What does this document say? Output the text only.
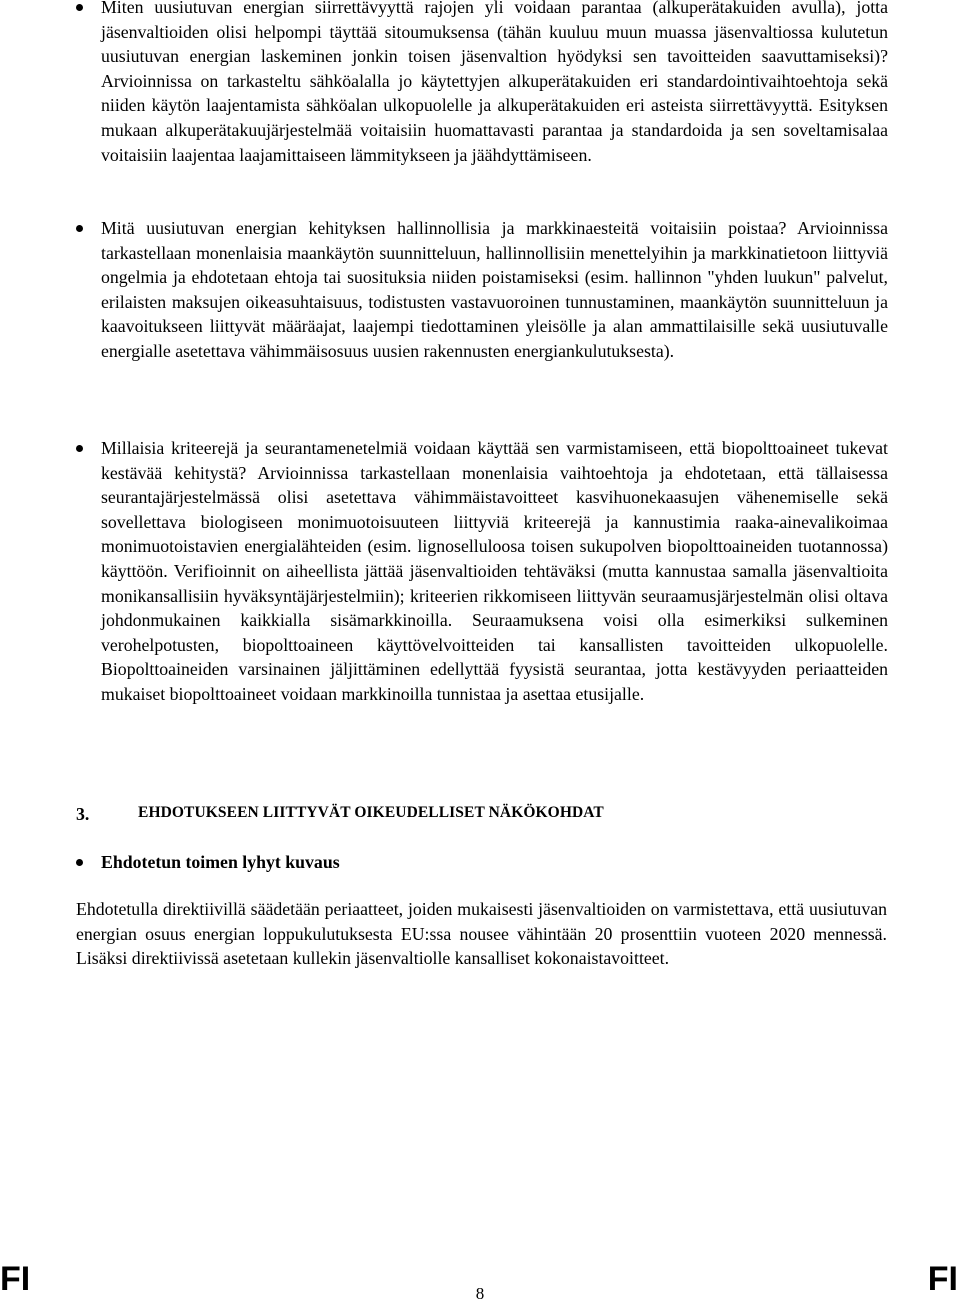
Miten uusiutuvan energian siirrettävyyttä rajojen yli voidaan parantaa (alkuperätakuiden avulla), jotta jäsenvaltioiden olisi helpompi täyttää sitoumuksensa (tähän kuuluu muun muassa jäsenvaltiossa kulutetun uusiutuvan energian laskeminen jonkin toisen jäsenvaltion hyödyksi sen tavoitteiden saavuttamiseksi)? Arvioinnissa on tarkasteltu sähköalalla jo käytettyjen alkuperätakuiden eri standardointivaihtoehtoja sekä niiden käytön laajentamista sähköalan ulkopuolelle ja alkuperätakuiden eri asteista siirrettävyyttä. Esityksen mukaan alkuperätakuujärjestelmää voitaisiin huomattavasti parantaa ja standardoida ja sen soveltamisalaa voitaisiin laajentaa laajamittaiseen lämmitykseen ja jäähdyttämiseen.
Mitä uusiutuvan energian kehityksen hallinnollisia ja markkinaesteitä voitaisiin poistaa? Arvioinnissa tarkastellaan monenlaisia maankäytön suunnitteluun, hallinnollisiin menettelyihin ja markkinatietoon liittyviä ongelmia ja ehdotetaan ehtoja tai suosituksia niiden poistamiseksi (esim. hallinnon "yhden luukun" palvelut, erilaisten maksujen oikeasuhtaisuus, todistusten vastavuoroinen tunnustaminen, maankäytön suunnitteluun ja kaavoitukseen liittyvät määräajat, laajempi tiedottaminen yleisölle ja alan ammattilaisille sekä uusiutuvalle energialle asetettava vähimmäisosuus uusien rakennusten energiankulutuksesta).
Millaisia kriteerejä ja seurantamenetelmiä voidaan käyttää sen varmistamiseen, että biopolttoaineet tukevat kestävää kehitystä? Arvioinnissa tarkastellaan monenlaisia vaihtoehtoja ja ehdotetaan, että tällaisessa seurantajärjestelmässä olisi asetettava vähimmäistavoitteet kasvihuonekaasujen vähenemiselle sekä sovellettava biologiseen monimuotoisuuteen liittyviä kriteerejä ja kannustimia raaka-ainevalikoimaa monimuotoistavien energialähteiden (esim. lignoselluloosa toisen sukupolven biopolttoaineiden tuotannossa) käyttöön. Verifioinnit on aiheellista jättää jäsenvaltioiden tehtäväksi (mutta kannustaa samalla jäsenvaltioita monikansallisiin hyväksyntäjärjestelmiin); kriteerien rikkomiseen liittyvän seuraamusjärjestelmän olisi oltava johdonmukainen kaikkialla sisämarkkinoilla. Seuraamuksena voisi olla esimerkiksi sulkeminen verohelpotusten, biopolttoaineen käyttövelvoitteiden tai kansallisten tavoitteiden ulkopuolelle. Biopolttoaineiden varsinainen jäljittäminen edellyttää fyysistä seurantaa, jotta kestävyyden periaatteiden mukaiset biopolttoaineet voidaan markkinoilla tunnistaa ja asettaa etusijalle.
3.	EHDOTUKSEEN LIITTYVÄT OIKEUDELLISET NÄKÖKOHDAT
Ehdotetun toimen lyhyt kuvaus
Ehdotetulla direktiivillä säädetään periaatteet, joiden mukaisesti jäsenvaltioiden on varmistettava, että uusiutuvan energian osuus energian loppukulutuksesta EU:ssa nousee vähintään 20 prosenttiin vuoteen 2020 mennessä. Lisäksi direktiivissä asetetaan kullekin jäsenvaltiolle kansalliset kokonaistavoitteet.
FI	8	FI
